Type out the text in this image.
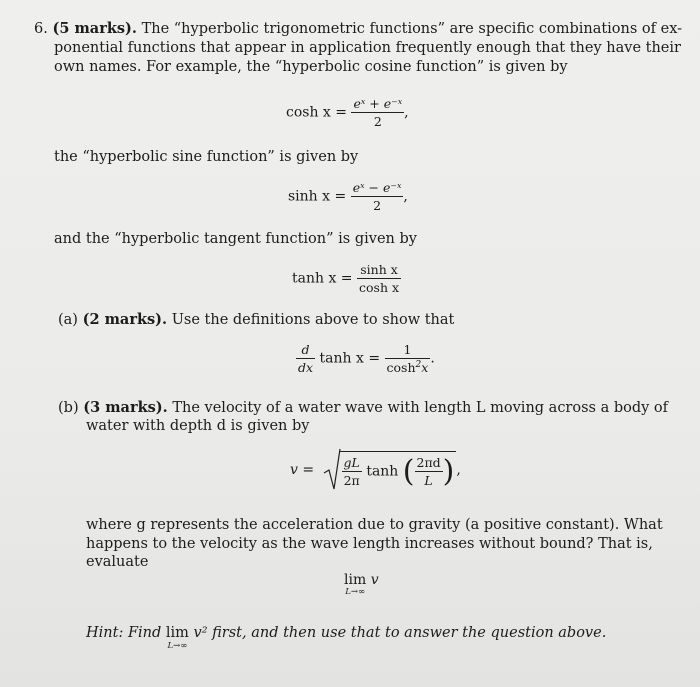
6. (5 marks). The “hyperbolic trigonometric functions” are specific combinations of ex-
ponential functions that appear in application frequently enough that they have their
own names. For example, the “hyperbolic cosine function” is given by
$\cosh x = \frac{\text{eˣ + e⁻ˣ}}{2}$ ,
the “hyperbolic sine function” is given by
$\sinh x = \frac{\text{eˣ − e⁻ˣ}}{2}$ ,
and the “hyperbolic tangent function” is given by
$\tanh x = \frac{\text{sinh x}}{\text{cosh x}}$
(a) (2 marks). Use the definitions above to show that
$\frac{d}{dx}$ $\tanh x = \frac{1}{\cosh^2x}$ .
(b) (3 marks). The velocity of a water wave with length L moving across a body of
water with depth d is given by
$v = \frac{gL}{2\pi}$ tanh ( $\frac{2\pi d}{L}$ ) ,
where g represents the acceleration due to gravity (a positive constant). What
happens to the velocity as the wave length increases without bound? That is,
evaluate
lim
L→∞
v
Hint: Find lim
L→∞
v² first, and then use that to answer the question above.
